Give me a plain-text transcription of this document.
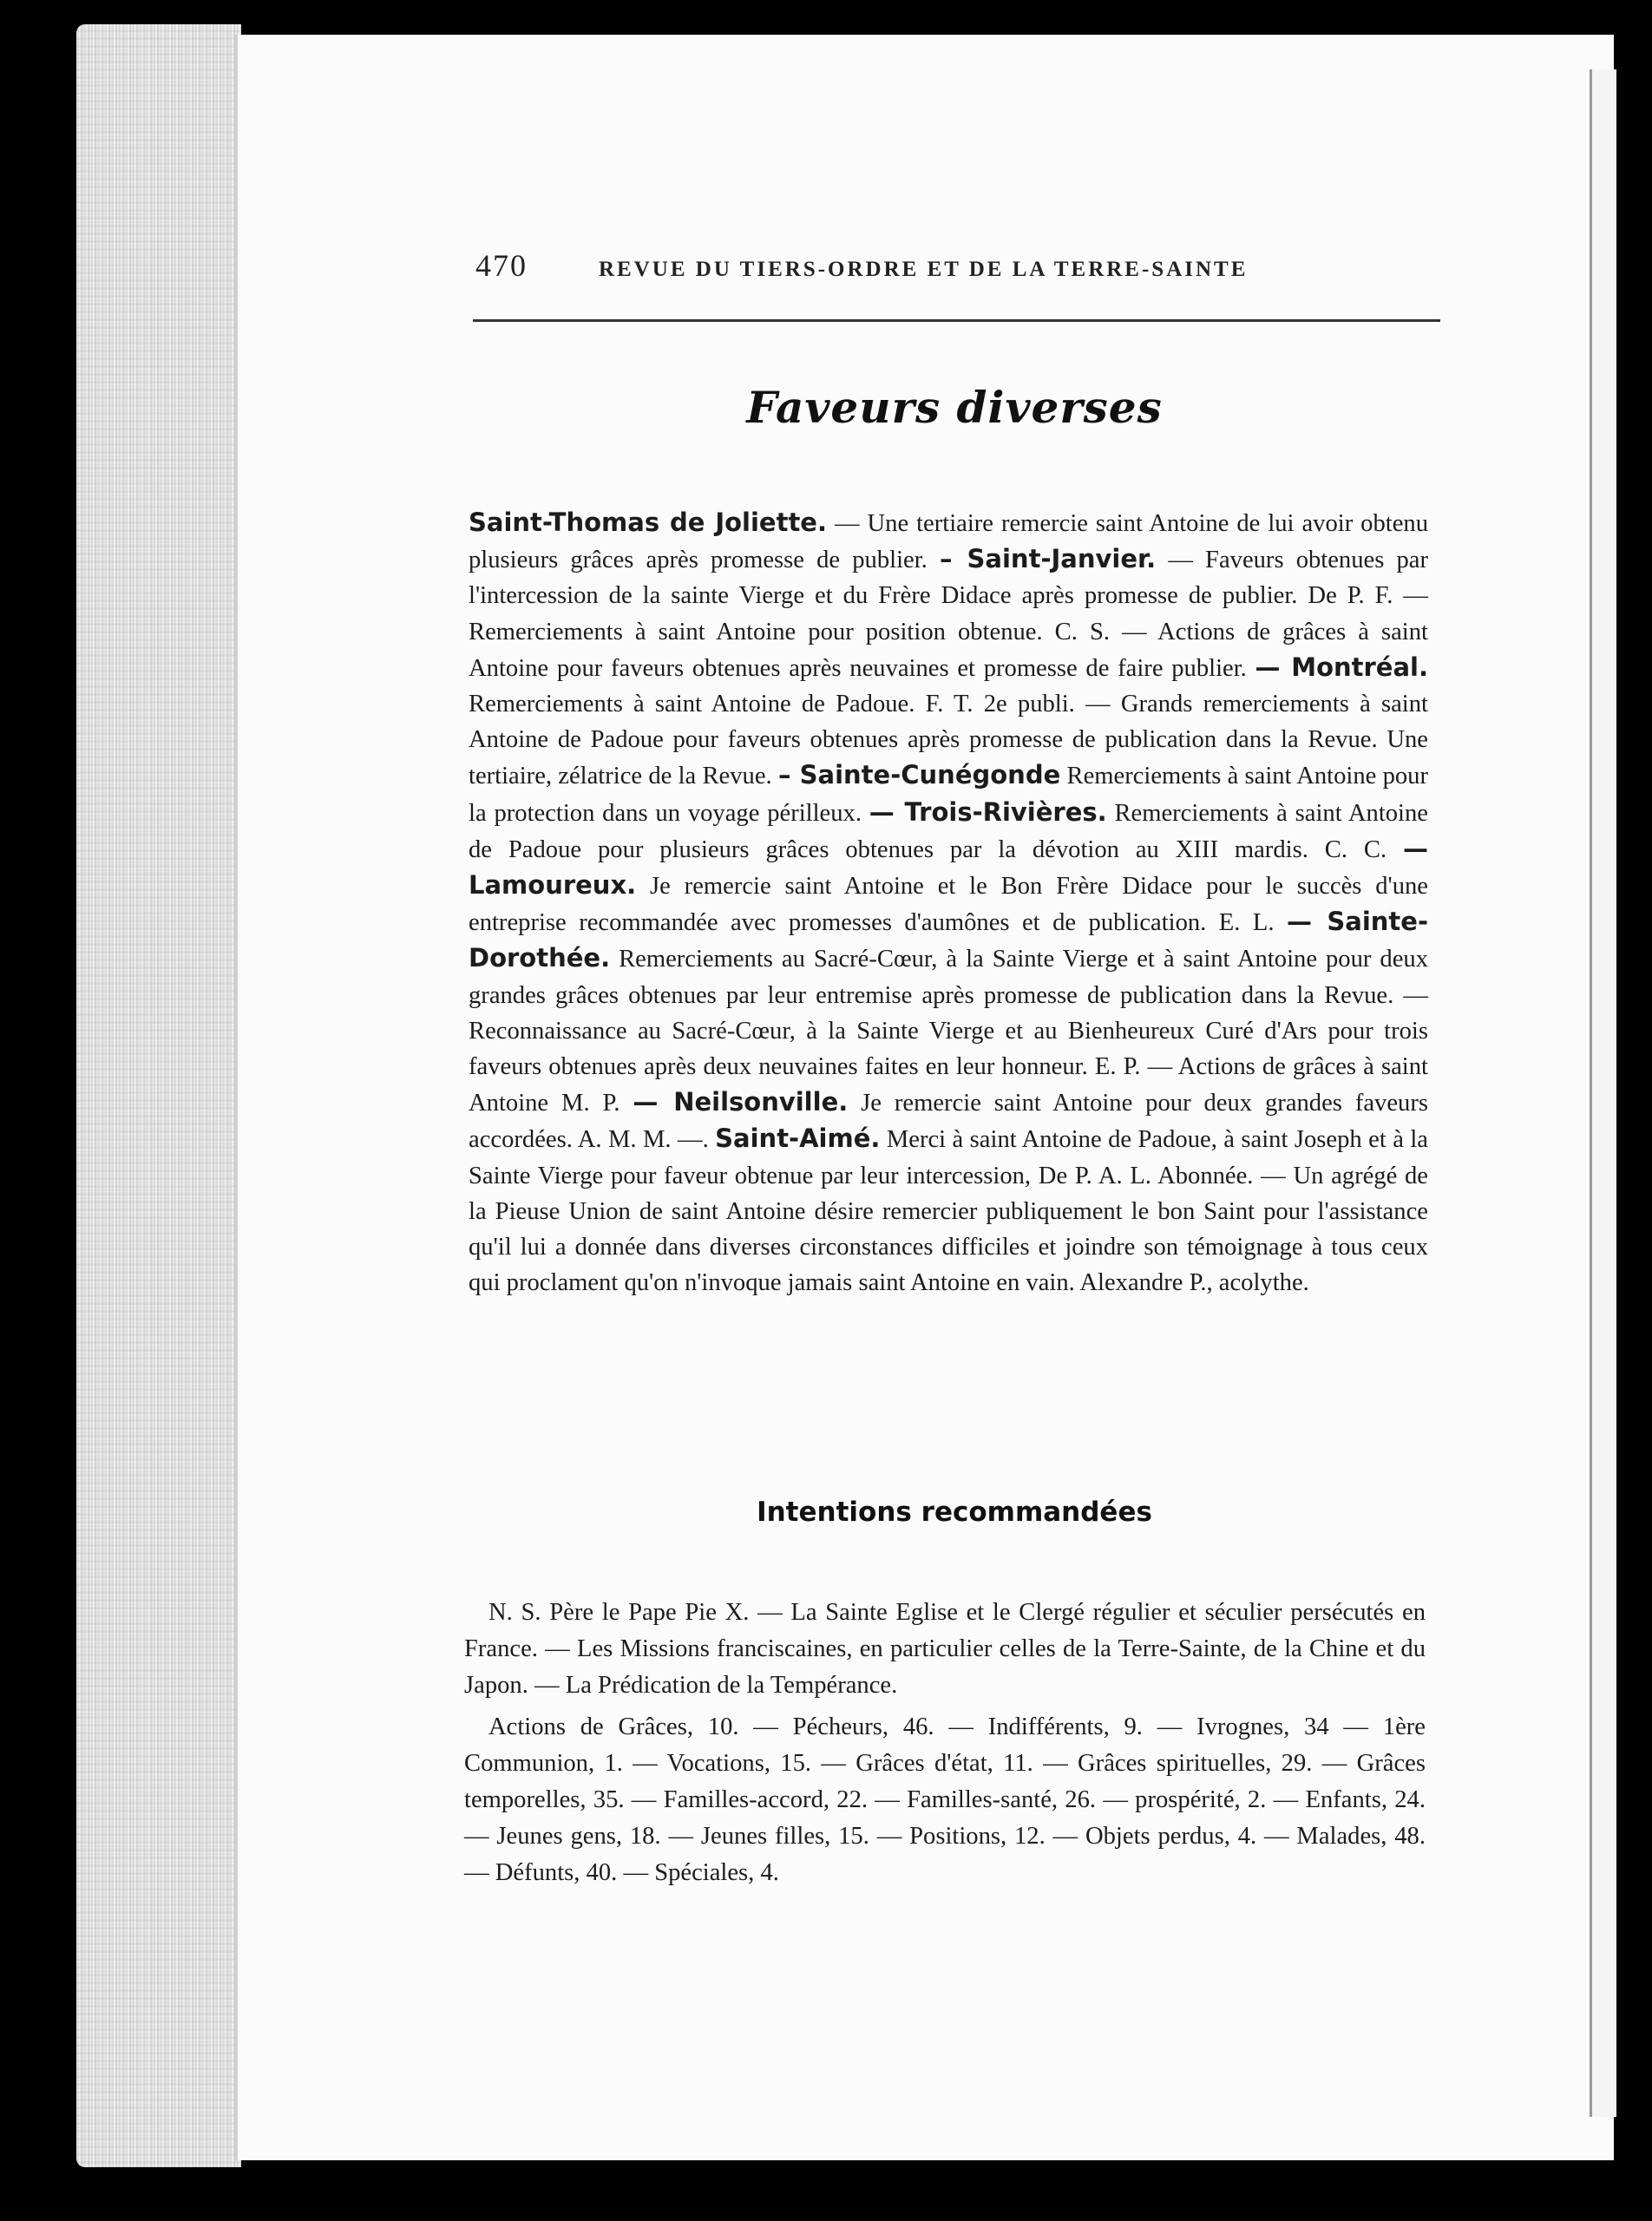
470	REVUE DU TIERS-ORDRE ET DE LA TERRE-SAINTE
Faveurs diverses
Saint-Thomas de Joliette. — Une tertiaire remercie saint Antoine de lui avoir obtenu plusieurs grâces après promesse de publier. – Saint-Janvier. — Faveurs obtenues par l'intercession de la sainte Vierge et du Frère Didace après promesse de publier. De P. F. — Remerciements à saint Antoine pour position obtenue. C. S. — Actions de grâces à saint Antoine pour faveurs obtenues après neuvaines et promesse de faire publier. — Montréal. Remerciements à saint Antoine de Padoue. F. T. 2e publi. — Grands remerciements à saint Antoine de Padoue pour faveurs obtenues après promesse de publication dans la Revue. Une tertiaire, zélatrice de la Revue. – Sainte-Cunégonde Remerciements à saint Antoine pour la protection dans un voyage périlleux. — Trois-Rivières. Remerciements à saint Antoine de Padoue pour plusieurs grâces obtenues par la dévotion au XIII mardis. C. C. — Lamoureux. Je remercie saint Antoine et le Bon Frère Didace pour le succès d'une entreprise recommandée avec promesses d'aumônes et de publication. E. L. — Sainte-Dorothée. Remerciements au Sacré-Cœur, à la Sainte Vierge et à saint Antoine pour deux grandes grâces obtenues par leur entremise après promesse de publication dans la Revue. — Reconnaissance au Sacré-Cœur, à la Sainte Vierge et au Bienheureux Curé d'Ars pour trois faveurs obtenues après deux neuvaines faites en leur honneur. E. P. — Actions de grâces à saint Antoine M. P. — Neilsonville. Je remercie saint Antoine pour deux grandes faveurs accordées. A. M. M. —. Saint-Aimé. Merci à saint Antoine de Padoue, à saint Joseph et à la Sainte Vierge pour faveur obtenue par leur intercession, De P. A. L. Abonnée. — Un agrégé de la Pieuse Union de saint Antoine désire remercier publiquement le bon Saint pour l'assistance qu'il lui a donnée dans diverses circonstances difficiles et joindre son témoignage à tous ceux qui proclament qu'on n'invoque jamais saint Antoine en vain. Alexandre P., acolythe.
Intentions recommandées

N. S. Père le Pape Pie X. — La Sainte Eglise et le Clergé régulier et séculier persécutés en France. — Les Missions franciscaines, en particulier celles de la Terre-Sainte, de la Chine et du Japon. — La Prédication de la Tempérance.

Actions de Grâces, 10. — Pécheurs, 46. — Indifférents, 9. — Ivrognes, 34 — 1ère Communion, 1. — Vocations, 15. — Grâces d'état, 11. — Grâces spirituelles, 29. — Grâces temporelles, 35. — Familles-accord, 22. — Familles-santé, 26. — prospérité, 2. — Enfants, 24. — Jeunes gens, 18. — Jeunes filles, 15. — Positions, 12. — Objets perdus, 4. — Malades, 48. — Défunts, 40. — Spéciales, 4.
